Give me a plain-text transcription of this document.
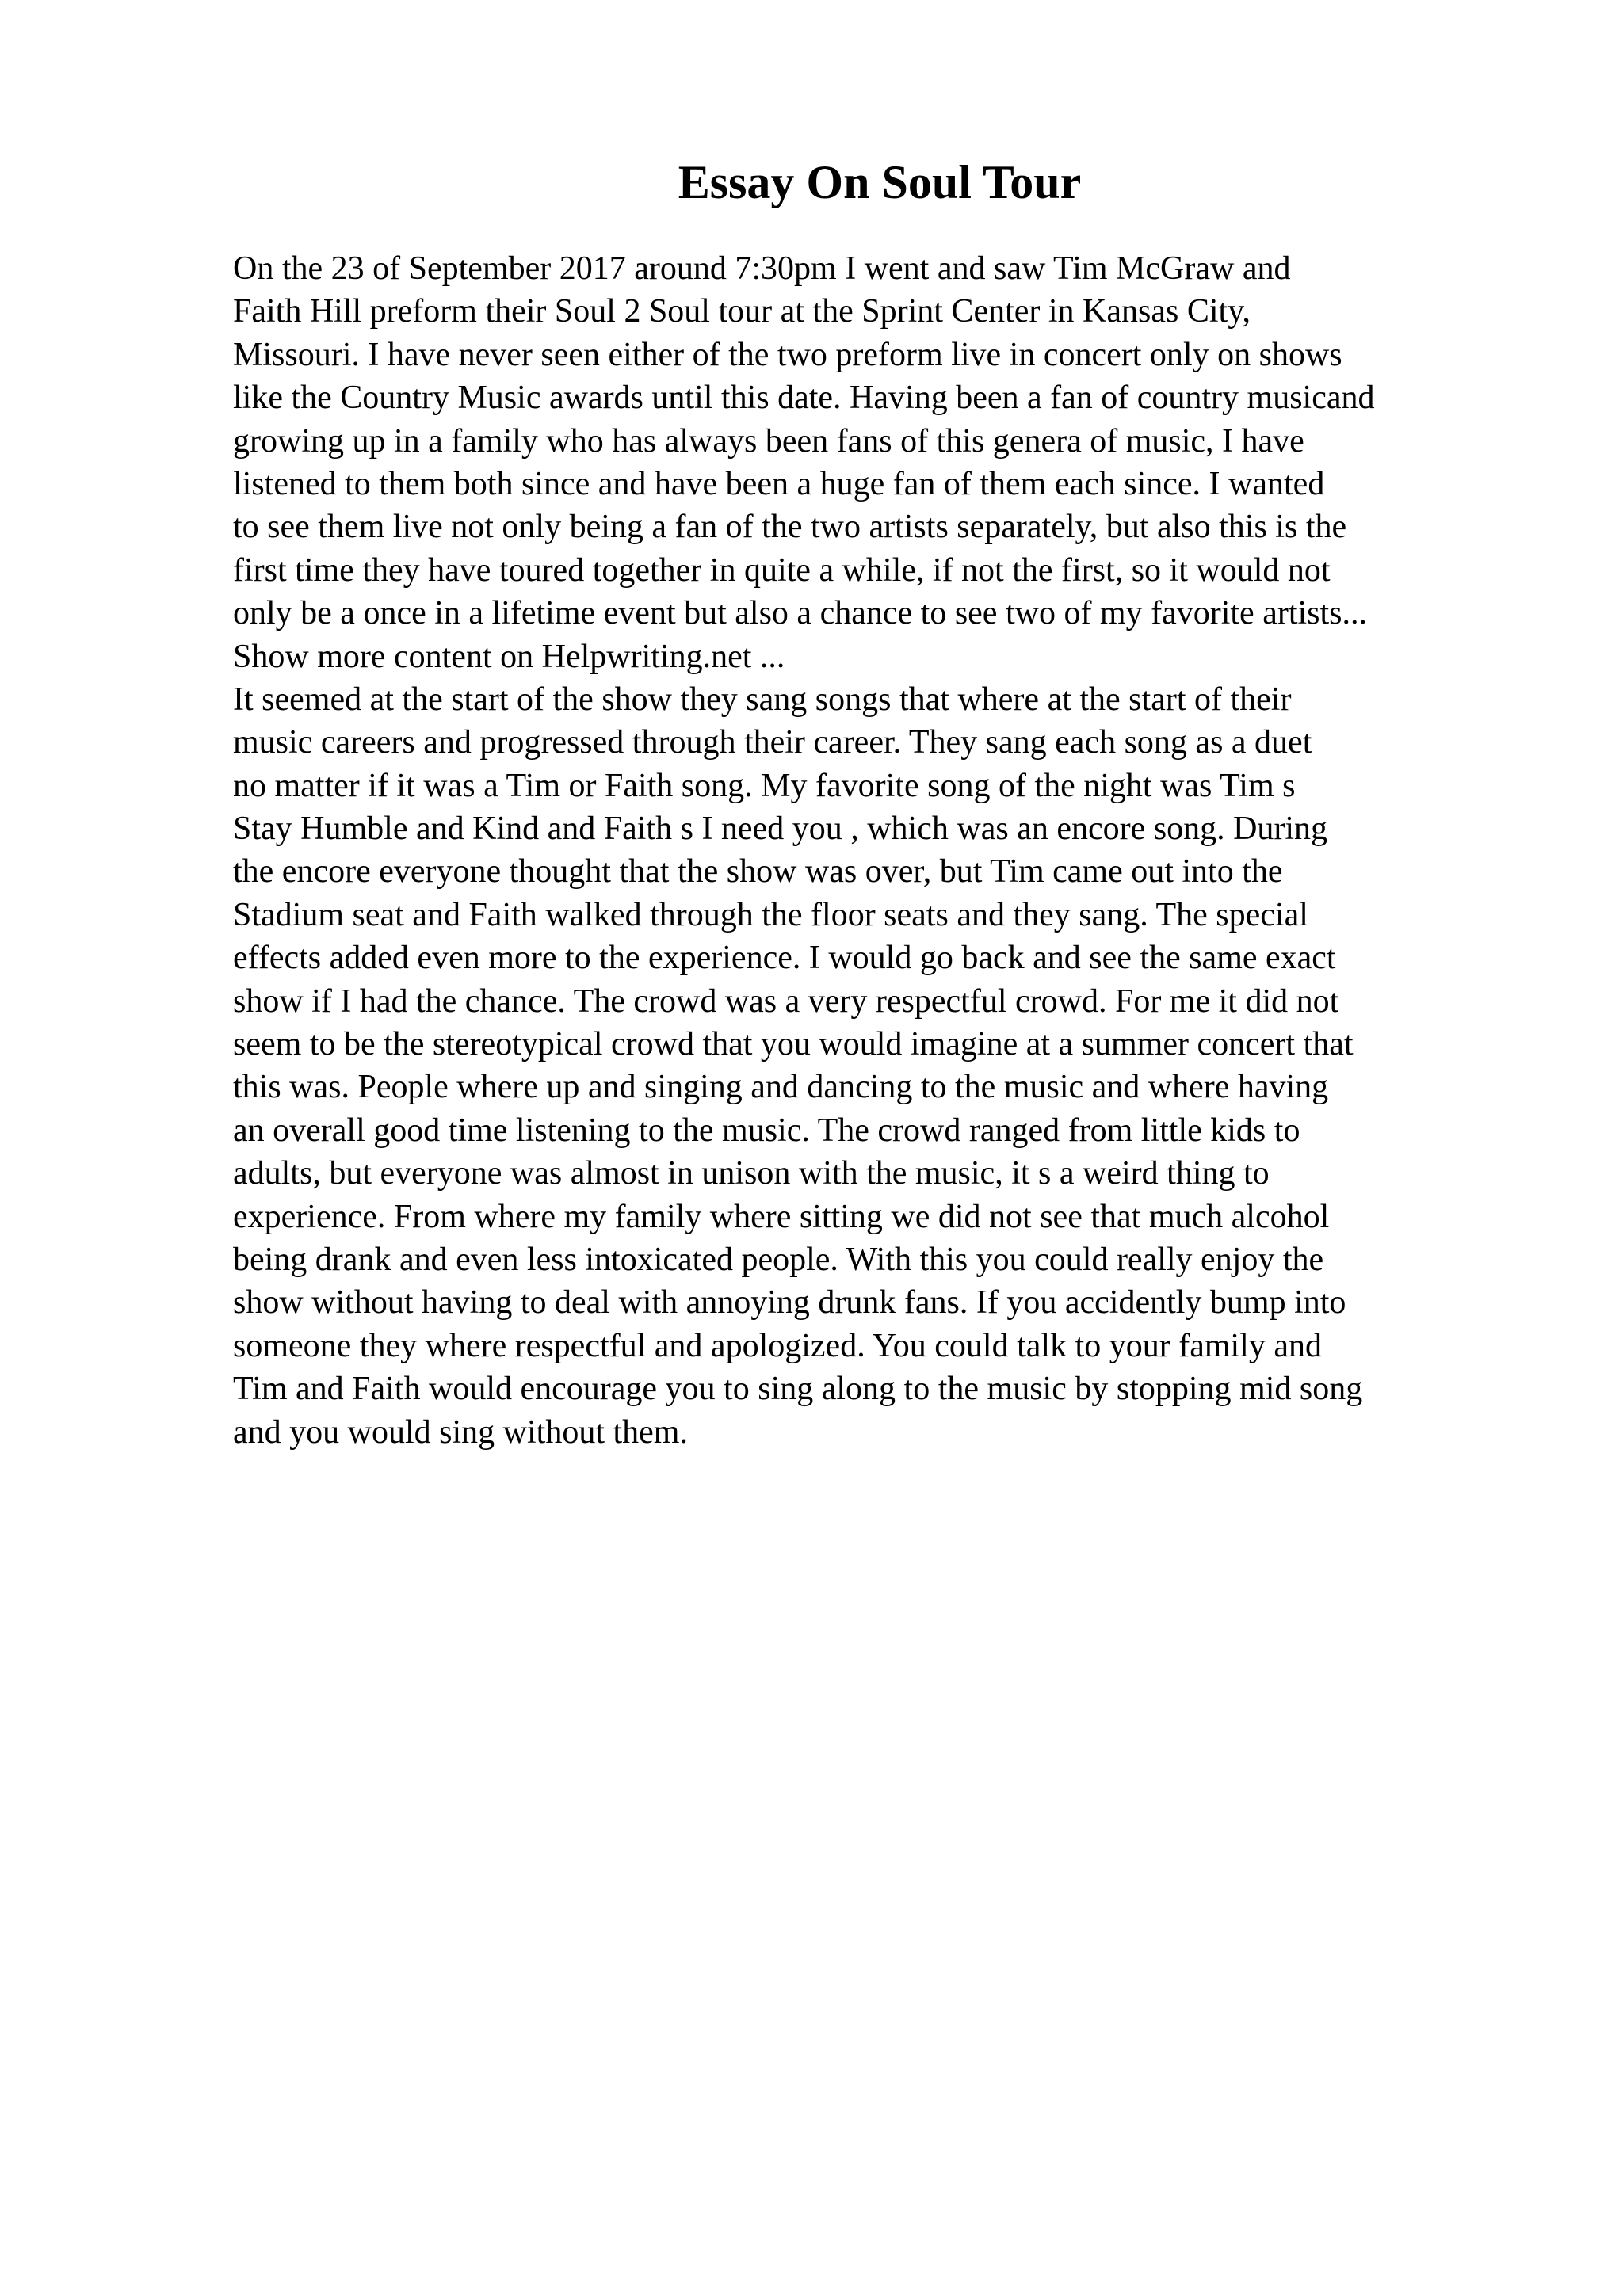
Essay On Soul Tour
On the 23 of September 2017 around 7:30pm I went and saw Tim McGraw and
Faith Hill preform their Soul 2 Soul tour at the Sprint Center in Kansas City,
Missouri. I have never seen either of the two preform live in concert only on shows
like the Country Music awards until this date. Having been a fan of country musicand
growing up in a family who has always been fans of this genera of music, I have
listened to them both since and have been a huge fan of them each since. I wanted
to see them live not only being a fan of the two artists separately, but also this is the
first time they have toured together in quite a while, if not the first, so it would not
only be a once in a lifetime event but also a chance to see two of my favorite artists...
Show more content on Helpwriting.net ...
It seemed at the start of the show they sang songs that where at the start of their
music careers and progressed through their career. They sang each song as a duet
no matter if it was a Tim or Faith song. My favorite song of the night was Tim s
Stay Humble and Kind and Faith s I need you , which was an encore song. During
the encore everyone thought that the show was over, but Tim came out into the
Stadium seat and Faith walked through the floor seats and they sang. The special
effects added even more to the experience. I would go back and see the same exact
show if I had the chance. The crowd was a very respectful crowd. For me it did not
seem to be the stereotypical crowd that you would imagine at a summer concert that
this was. People where up and singing and dancing to the music and where having
an overall good time listening to the music. The crowd ranged from little kids to
adults, but everyone was almost in unison with the music, it s a weird thing to
experience. From where my family where sitting we did not see that much alcohol
being drank and even less intoxicated people. With this you could really enjoy the
show without having to deal with annoying drunk fans. If you accidently bump into
someone they where respectful and apologized. You could talk to your family and
Tim and Faith would encourage you to sing along to the music by stopping mid song
and you would sing without them.
